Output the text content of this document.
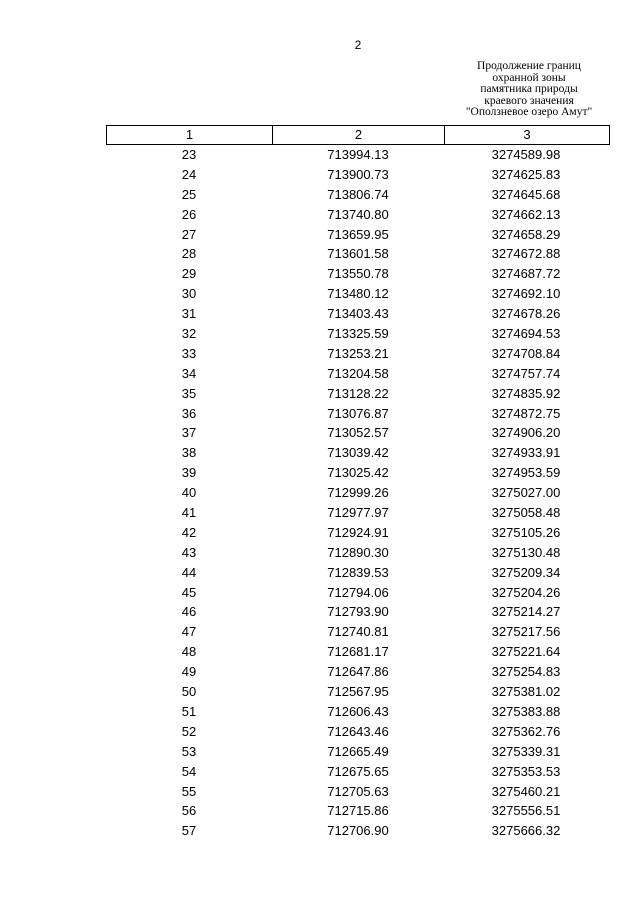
2
Продолжение границ
охранной зоны
памятника природы
краевого значения
"Оползневое озеро Амут"
1	2	3
23	713994.13	3274589.98
24	713900.73	3274625.83
25	713806.74	3274645.68
26	713740.80	3274662.13
27	713659.95	3274658.29
28	713601.58	3274672.88
29	713550.78	3274687.72
30	713480.12	3274692.10
31	713403.43	3274678.26
32	713325.59	3274694.53
33	713253.21	3274708.84
34	713204.58	3274757.74
35	713128.22	3274835.92
36	713076.87	3274872.75
37	713052.57	3274906.20
38	713039.42	3274933.91
39	713025.42	3274953.59
40	712999.26	3275027.00
41	712977.97	3275058.48
42	712924.91	3275105.26
43	712890.30	3275130.48
44	712839.53	3275209.34
45	712794.06	3275204.26
46	712793.90	3275214.27
47	712740.81	3275217.56
48	712681.17	3275221.64
49	712647.86	3275254.83
50	712567.95	3275381.02
51	712606.43	3275383.88
52	712643.46	3275362.76
53	712665.49	3275339.31
54	712675.65	3275353.53
55	712705.63	3275460.21
56	712715.86	3275556.51
57	712706.90	3275666.32
